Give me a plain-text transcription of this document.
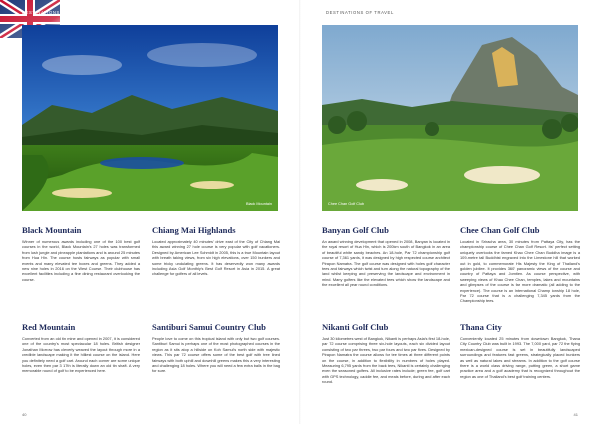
DESTINATIONS OF ASIA 2024
Black Mountain
Black Mountain
Winner of numerous awards including one of the 100 best golf courses in the world, Black Mountain's 27 holes was transformed from lush jungle and pineapple plantations and is around 25 minutes from Hua Hin. The course hosts fairways as popular with small events and many elevated tee boxes and greens. They added a new nine holes in 2016 on the West Course. Their clubhouse has excellent facilities including a fine dining restaurant overlooking the course.
Chiang Mai Highlands
Located approximately 40 minutes' drive east of the City of Chiang Mai this award winning 27 hole course is very popular with golf vacationers. Designed by American Lee Schmidt in 2005, this is a true Mountain layout with breath taking views, from six high elevations, over 150 bunkers and some tricky undulating greens. It has deservedly won many awards including Asia Golf Monthly's Best Golf Resort in Asia in 2015. A great challenge for golfers of all levels.
Red Mountain
Converted from an old tin mine and opened in 2007, it is considered one of the country's most spectacular 18 holes. British designer Jonathan Morrow has cleverly weaved the layout through more in a credible landscape making it the hilliest course on the island. Here you definitely need a golf cart. Around each corner are some unique holes, even then par 3 17th is literally down an old tin shaft. A very memorable round of golf to be experienced here.
Santiburi Samui Country Club
People love to come on this tropical island with only but two golf courses. Santiburi Samui is perhaps one of the most photographed courses in the region as it sits atop a hillside on Koh Samui's north side with majestic views. This par 72 course offers some of the best golf with tree lined fairways with both uphill and downhill greens makes this a very interesting and challenging 18 holes. Where you will need a few extra balls in the bag for sure.
40
DESTINATIONS OF TRAVEL
Chee Chan Golf Club
Banyan Golf Club
An award winning development that opened in 2008, Banyan is located in the royal resort of Hua Hin, which is 200km south of Bangkok in an area of beautiful white sandy beaches. An 18-hole, Par 72 championship golf course of 7,361 yards, it was designed by high respected course architect Pirapon Namatra. The golf course was designed with holes golf character tees and fairways which twist and turn along the natural topography of the land whilst keeping and preserving the landscape and environment in mind. Many golfers like the elevated tees which show the landscape and the excellent all year round conditions.
Chee Chan Golf Club
Located in Sriracha area, 30 minutes from Pattaya City, has the championship course of Chee Chan Golf Resort. Its' perfect setting uniquely overlooks the famed Khao Chee Chan Buddha image is a 109-metre tall Buddhist engraved into the Limestone hill that worked out in gold, to commemorate His Majesty the King of Thailand's golden jubilee. It provides 360' panoramic views of the course and country of Pattaya and Jomtien. As course perspective, with sweeping views of Khao Chee Chan, temples, lakes and mountains and glimpses of the course is far more dramatic (all adding to the experience). The course is an International Champ ionship 18 hole, Par 72 course that is a challenging 7,345 yards from the Championship tees.
Nikanti Golf Club
Just 30 kilometres west of Bangkok, Nikanti is perhaps Asia's first 18-hole, par 72 course comprising three six-hole layouts, each six divided layout consisting of two par threes, two par fours and two par fives. Designed by Pirapon Namatra the course allows for tee times at three different points on the course, in addition to flexibility in numbers of holes played. Measuring 6,795 yards from the back tees, Nikanti is certainly challenging even the seasoned golfers. All inclusive rates include; green fee, golf cart with GPS technology, caddie fee, and meals before, during and after each round.
Thana City
Conveniently located 25 minutes from downtown Bangkok, Thana City Country Club was built in 1993. The 7,000 yard, par 72 the flying mexican-designed course is set in beautifully landscaped surroundings and features fast greens, strategically placed bunkers as well as natural lakes and streams. In addition to the golf course there is a world class driving range, putting green, a short game practice area and a golf academy that is recognized throughout the region as one of Thailand's best golf training centers.
41
